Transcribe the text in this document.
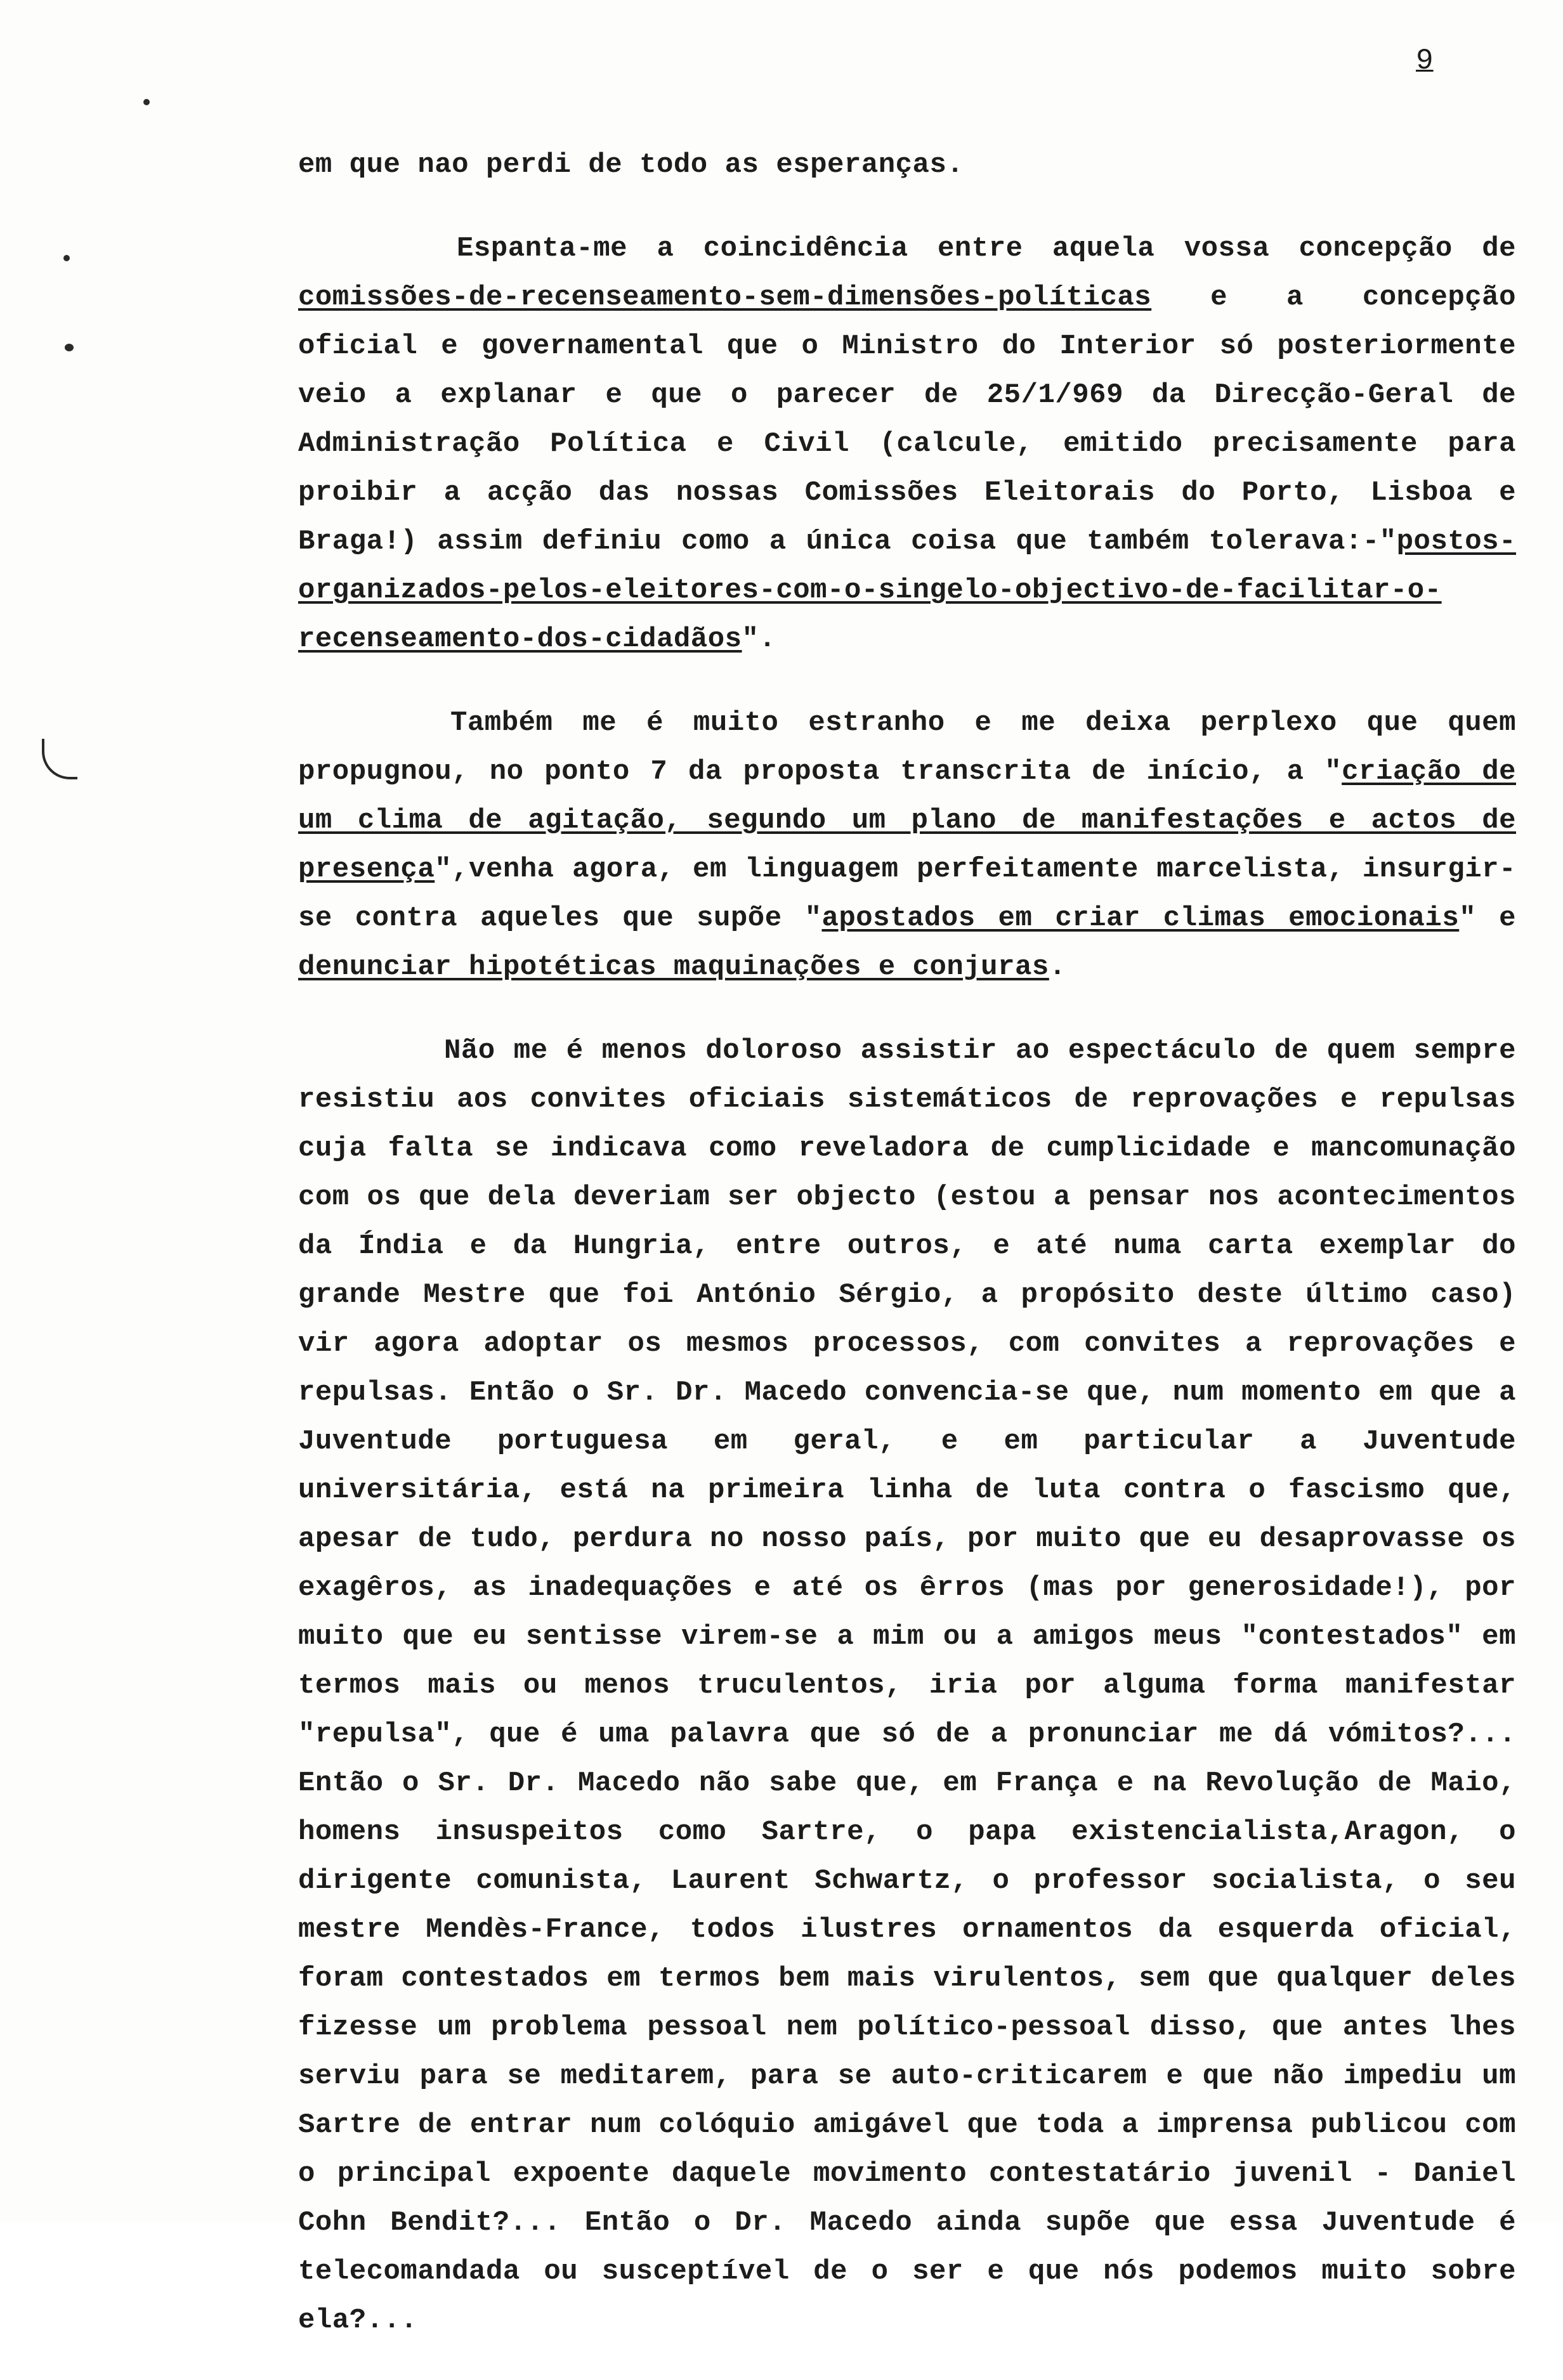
9

em que nao perdi de todo as esperanças.

Espanta-me a coincidência entre aquela vossa concepção de comissões-de-recenseamento-sem-dimensões-políticas e a concepção oficial e governamental que o Ministro do Interior só posteriormente veio a explanar e que o parecer de 25/1/969 da Direcção-Geral de Administração Política e Civil (calcule, emitido precisamente para proibir a acção das nossas Comissões Eleitorais do Porto, Lisboa e Braga!) assim definiu como a única coisa que também tolerava:-"postos-organizados-pelos-eleitores-com-o-singelo-objectivo-de-facilitar-o-recenseamento-dos-cidadãos".

Também me é muito estranho e me deixa perplexo que quem propugnou, no ponto 7 da proposta transcrita de início, a "criação de um clima de agitação, segundo um plano de manifestações e actos de presença",venha agora, em linguagem perfeitamente marcelista, insurgir-se contra aqueles que supõe "apostados em criar climas emocionais" e denunciar hipotéticas maquinações e conjuras.

Não me é menos doloroso assistir ao espectáculo de quem sempre resistiu aos convites oficiais sistemáticos de reprovações e repulsas cuja falta se indicava como reveladora de cumplicidade e mancomunação com os que dela deveriam ser objecto (estou a pensar nos acontecimentos da Índia e da Hungria, entre outros, e até numa carta exemplar do grande Mestre que foi António Sérgio, a propósito deste último caso) vir agora adoptar os mesmos processos, com convites a reprovações e repulsas. Então o Sr. Dr. Macedo convencia-se que, num momento em que a Juventude portuguesa em geral, e em particular a Juventude universitária, está na primeira linha de luta contra o fascismo que, apesar de tudo, perdura no nosso país, por muito que eu desaprovasse os exagêros, as inadequações e até os êrros (mas por generosidade!), por muito que eu sentisse virem-se a mim ou a amigos meus "contestados" em termos mais ou menos truculentos, iria por alguma forma manifestar "repulsa", que é uma palavra que só de a pronunciar me dá vómitos?... Então o Sr. Dr. Macedo não sabe que, em França e na Revolução de Maio, homens insuspeitos como Sartre, o papa existencialista,Aragon, o dirigente comunista, Laurent Schwartz, o professor socialista, o seu mestre Mendès-France, todos ilustres ornamentos da esquerda oficial, foram contestados em termos bem mais virulentos, sem que qualquer deles fizesse um problema pessoal nem político-pessoal disso, que antes lhes serviu para se meditarem, para se auto-criticarem e que não impediu um Sartre de entrar num colóquio amigável que toda a imprensa publicou com o principal expoente daquele movimento contestatário juvenil - Daniel Cohn Bendit?... Então o Dr. Macedo ainda supõe que essa Juventude é telecomandada ou susceptível de o ser e que nós podemos muito sobre ela?...
